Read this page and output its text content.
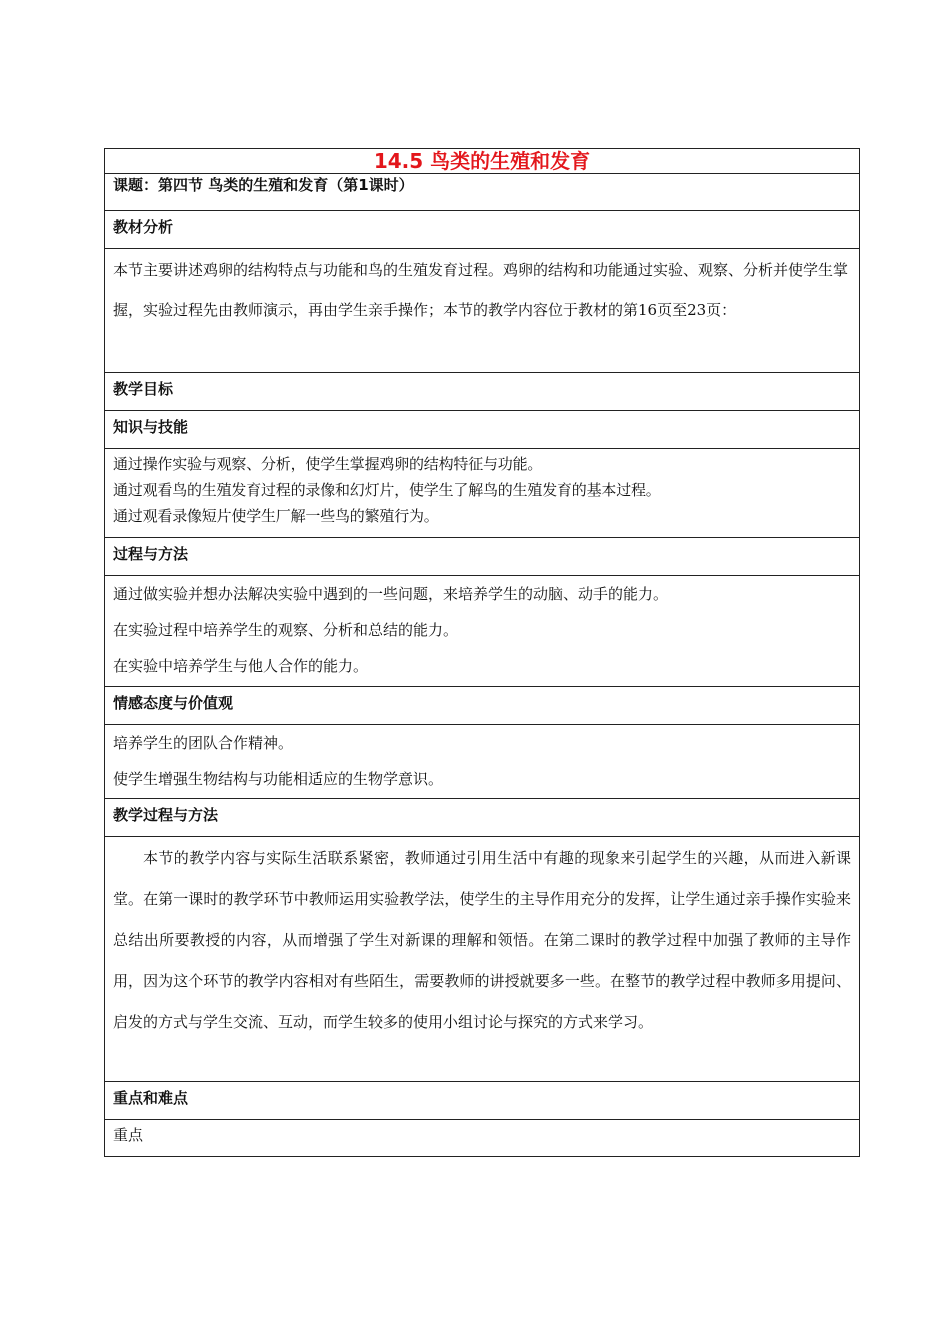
14.5 鸟类的生殖和发育
课题：第四节 鸟类的生殖和发育（第1课时）
教材分析

本节主要讲述鸡卵的结构特点与功能和鸟的生殖发育过程。鸡卵的结构和功能通过实验、观察、分析并使学生掌握，实验过程先由教师演示，再由学生亲手操作；本节的教学内容位于教材的第16页至23页：

教学目标
知识与技能

通过操作实验与观察、分析，使学生掌握鸡卵的结构特征与功能。

通过观看鸟的生殖发育过程的录像和幻灯片，使学生了解鸟的生殖发育的基本过程。

通过观看录像短片使学生厂解一些鸟的繁殖行为。

过程与方法

通过做实验并想办法解决实验中遇到的一些问题，来培养学生的动脑、动手的能力。

在实验过程中培养学生的观察、分析和总结的能力。

在实验中培养学生与他人合作的能力。

情感态度与价值观

培养学生的团队合作精神。

使学生增强生物结构与功能相适应的生物学意识。

教学过程与方法

本节的教学内容与实际生活联系紧密，教师通过引用生活中有趣的现象来引起学生的兴趣，从而进入新课堂。在第一课时的教学环节中教师运用实验教学法，使学生的主导作用充分的发挥，让学生通过亲手操作实验来总结出所要教授的内容，从而增强了学生对新课的理解和领悟。在第二课时的教学过程中加强了教师的主导作用，因为这个环节的教学内容相对有些陌生，需要教师的讲授就要多一些。在整节的教学过程中教师多用提问、启发的方式与学生交流、互动，而学生较多的使用小组讨论与探究的方式来学习。

重点和难点

重点
